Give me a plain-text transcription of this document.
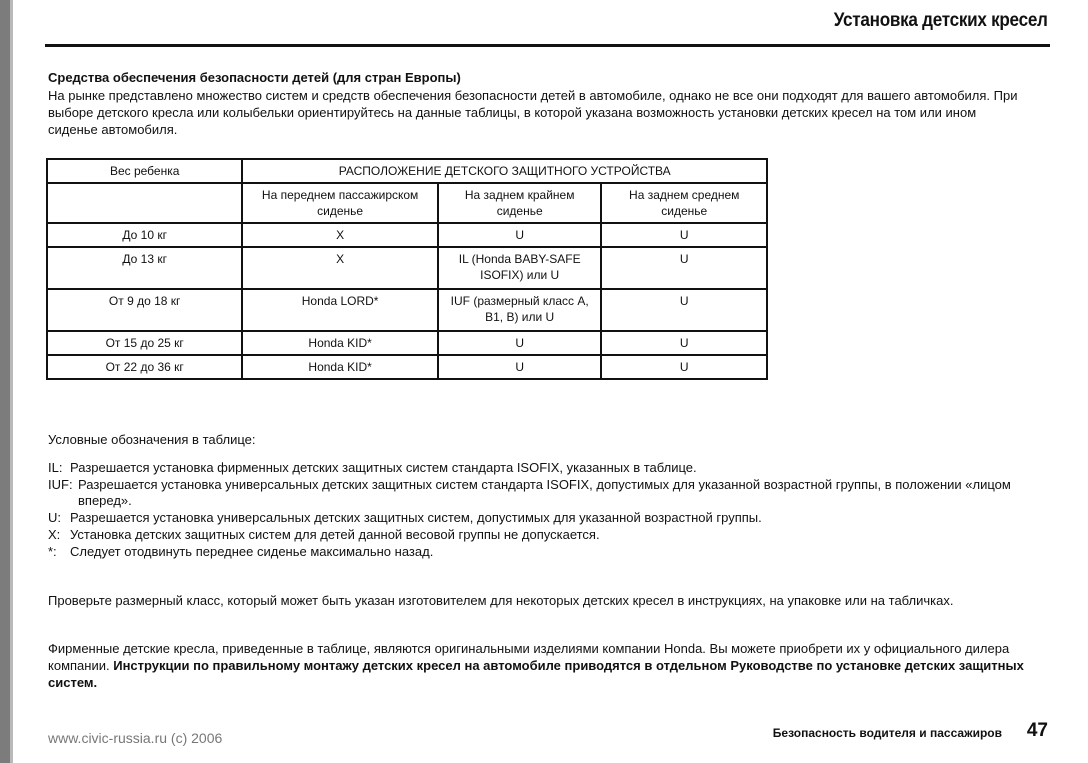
Установка детских кресел

Средства обеспечения безопасности детей (для стран Европы)

На рынке представлено множество систем и средств обеспечения безопасности детей в автомобиле, однако не все они подходят для вашего автомобиля. При выборе детского кресла или колыбельки ориентируйтесь на данные таблицы, в которой указана возможность установки детских кресел на том или ином сиденье автомобиля.

Вес ребенка	РАСПОЛОЖЕНИЕ ДЕТСКОГО ЗАЩИТНОГО УСТРОЙСТВА		
	На переднем пассажирском сиденье	На заднем крайнем сиденье	На заднем среднем сиденье
До 10 кг	X	U	U
До 13 кг	X	IL (Honda BABY-SAFE ISOFIX) или U	U
От 9 до 18 кг	Honda LORD*	IUF (размерный класс A, B1, B) или U	U
От 15 до 25 кг	Honda KID*	U	U
От 22 до 36 кг	Honda KID*	U	U

Условные обозначения в таблице:

IL: Разрешается установка фирменных детских защитных систем стандарта ISOFIX, указанных в таблице.
IUF: Разрешается установка универсальных детских защитных систем стандарта ISOFIX, допустимых для указанной возрастной группы, в положении «лицом вперед».
U: Разрешается установка универсальных детских защитных систем, допустимых для указанной возрастной группы.
X: Установка детских защитных систем для детей данной весовой группы не допускается.
*:	Следует отодвинуть переднее сиденье максимально назад.

Проверьте размерный класс, который может быть указан изготовителем для некоторых детских кресел в инструкциях, на упаковке или на табличках.

Фирменные детские кресла, приведенные в таблице, являются оригинальными изделиями компании Honda. Вы можете приобрети их у официального дилера компании. Инструкции по правильному монтажу детских кресел на автомобиле приводятся в отдельном Руководстве по установке детских защитных систем.

www.civic-russia.ru (c) 2006	Безопасность водителя и пассажиров 47
